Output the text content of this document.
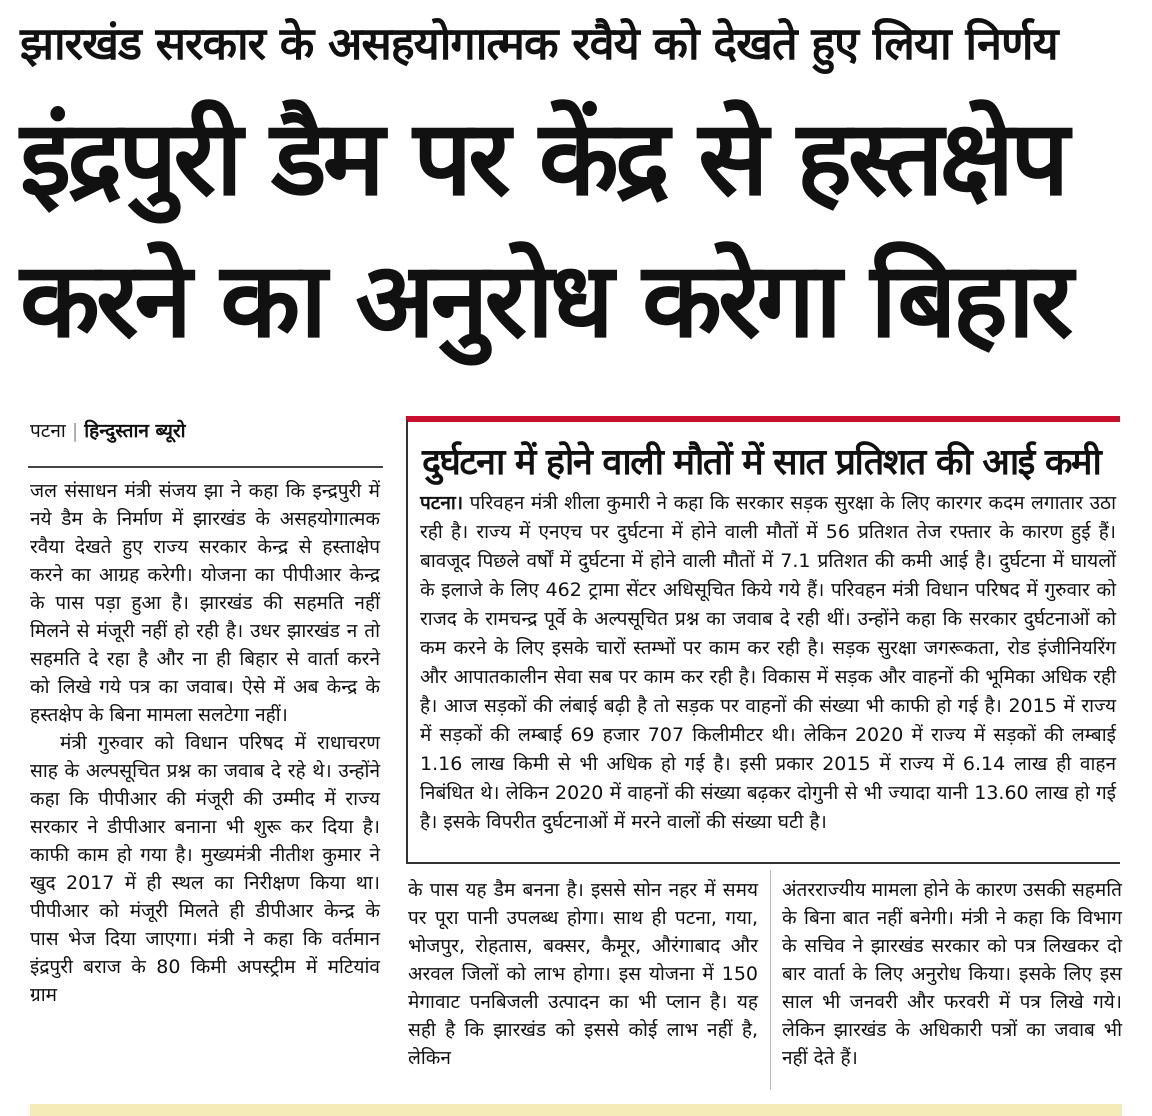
झारखंड सरकार के असहयोगात्मक रवैये को देखते हुए लिया निर्णय
इंद्रपुरी डैम पर केंद्र से हस्तक्षेप
करने का अनुरोध करेगा बिहार
पटना | हिन्दुस्तान ब्यूरो

जल संसाधन मंत्री संजय झा ने कहा कि इन्द्रपुरी में नये डैम के निर्माण में झारखंड के असहयोगात्मक रवैया देखते हुए राज्य सरकार केन्द्र से हस्ताक्षेप करने का आग्रह करेगी। योजना का पीपीआर केन्द्र के पास पड़ा हुआ है। झारखंड की सहमति नहीं मिलने से मंजूरी नहीं हो रही है। उधर झारखंड न तो सहमति दे रहा है और ना ही बिहार से वार्ता करने को लिखे गये पत्र का जवाब। ऐसे में अब केन्द्र के हस्तक्षेप के बिना मामला सलटेगा नहीं।

मंत्री गुरुवार को विधान परिषद में राधाचरण साह के अल्पसूचित प्रश्न का जवाब दे रहे थे। उन्होंने कहा कि पीपीआर की मंजूरी की उम्मीद में राज्य सरकार ने डीपीआर बनाना भी शुरू कर दिया है। काफी काम हो गया है। मुख्यमंत्री नीतीश कुमार ने खुद 2017 में ही स्थल का निरीक्षण किया था। पीपीआर को मंजूरी मिलते ही डीपीआर केन्द्र के पास भेज दिया जाएगा। मंत्री ने कहा कि वर्तमान इंद्रपुरी बराज के 80 किमी अपस्ट्रीम में मटियांव ग्राम

दुर्घटना में होने वाली मौतों में सात प्रतिशत की आई कमी
पटना। परिवहन मंत्री शीला कुमारी ने कहा कि सरकार सड़क सुरक्षा के लिए कारगर कदम लगातार उठा रही है। राज्य में एनएच पर दुर्घटना में होने वाली मौतों में 56 प्रतिशत तेज रफ्तार के कारण हुई हैं। बावजूद पिछले वर्षों में दुर्घटना में होने वाली मौतों में 7.1 प्रतिशत की कमी आई है। दुर्घटना में घायलों के इलाजे के लिए 462 ट्रामा सेंटर अधिसूचित किये गये हैं। परिवहन मंत्री विधान परिषद में गुरुवार को राजद के रामचन्द्र पूर्वे के अल्पसूचित प्रश्न का जवाब दे रही थीं। उन्होंने कहा कि सरकार दुर्घटनाओं को कम करने के लिए इसके चारों स्तम्भों पर काम कर रही है। सड़क सुरक्षा जगरूकता, रोड इंजीनियरिंग और आपातकालीन सेवा सब पर काम कर रही है। विकास में सड़क और वाहनों की भूमिका अधिक रही है। आज सड़कों की लंबाई बढ़ी है तो सड़क पर वाहनों की संख्या भी काफी हो गई है। 2015 में राज्य में सड़कों की लम्बाई 69 हजार 707 किलीमीटर थी। लेकिन 2020 में राज्य में सड़कों की लम्बाई 1.16 लाख किमी से भी अधिक हो गई है। इसी प्रकार 2015 में राज्य में 6.14 लाख ही वाहन निबंधित थे। लेकिन 2020 में वाहनों की संख्या बढ़कर दोगुनी से भी ज्यादा यानी 13.60 लाख हो गई है। इसके विपरीत दुर्घटनाओं में मरने वालों की संख्या घटी है।

के पास यह डैम बनना है। इससे सोन नहर में समय पर पूरा पानी उपलब्ध होगा। साथ ही पटना, गया, भोजपुर, रोहतास, बक्सर, कैमूर, औरंगाबाद और अरवल जिलों को लाभ होगा। इस योजना में 150 मेगावाट पनबिजली उत्पादन का भी प्लान है। यह सही है कि झारखंड को इससे कोई लाभ नहीं है, लेकिन

अंतरराज्यीय मामला होने के कारण उसकी सहमति के बिना बात नहीं बनेगी। मंत्री ने कहा कि विभाग के सचिव ने झारखंड सरकार को पत्र लिखकर दो बार वार्ता के लिए अनुरोध किया। इसके लिए इस साल भी जनवरी और फरवरी में पत्र लिखे गये। लेकिन झारखंड के अधिकारी पत्रों का जवाब भी नहीं देते हैं।
